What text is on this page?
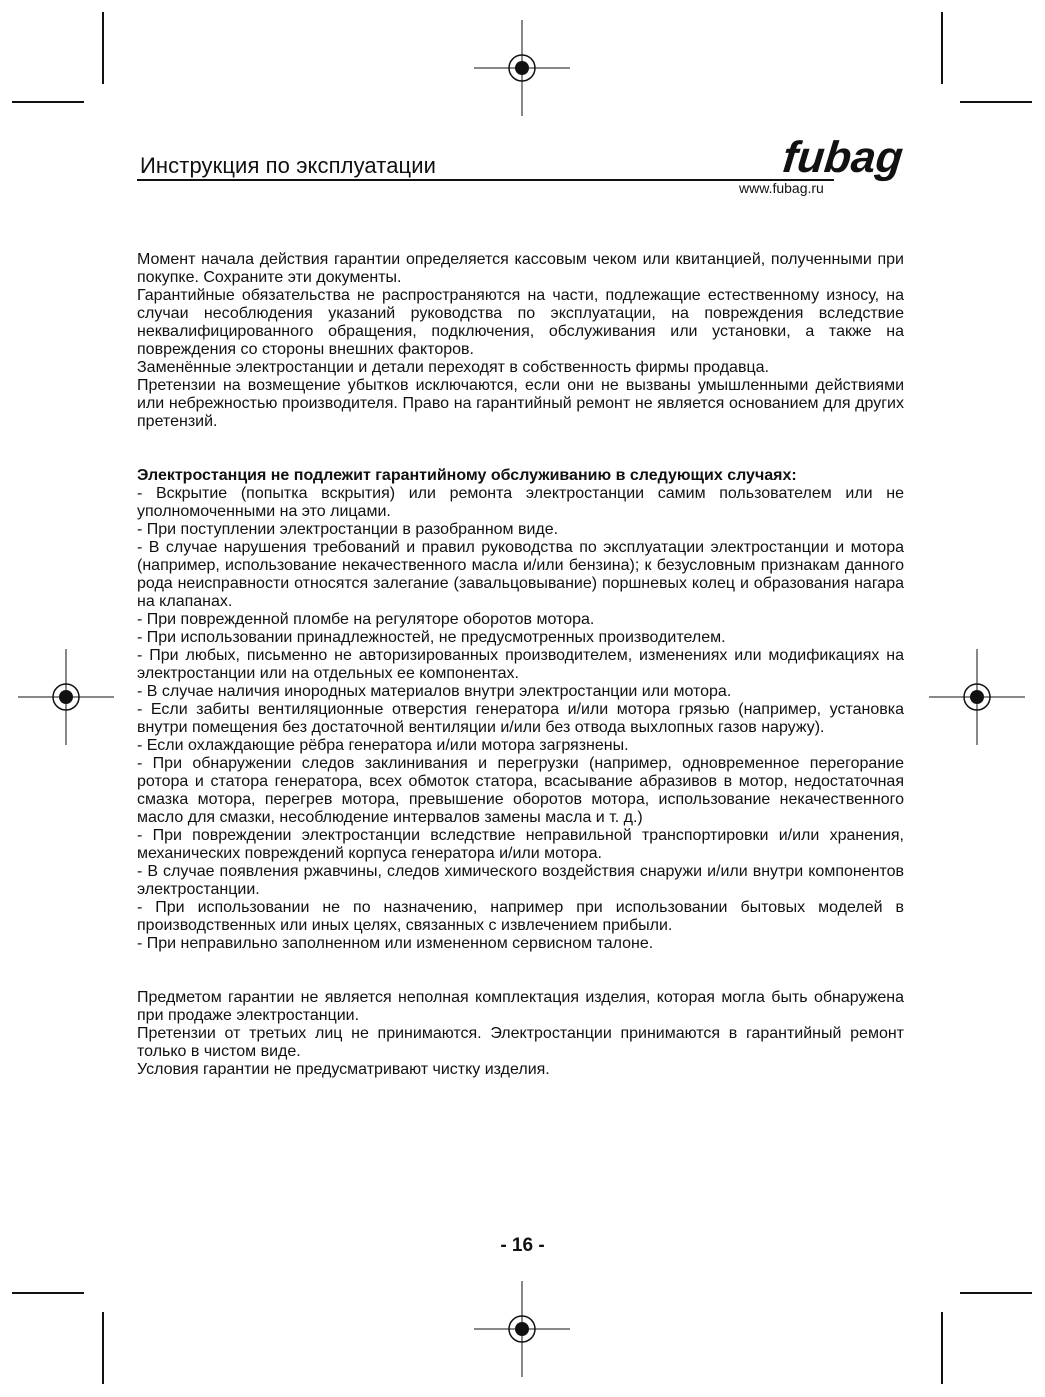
Инструкция по эксплуатации	fubag
www.fubag.ru

Момент начала действия гарантии определяется кассовым чеком или квитанцией, полученными при покупке. Сохраните эти документы.

Гарантийные обязательства не распространяются на части, подлежащие естественному износу, на случаи несоблюдения указаний руководства по эксплуатации, на повреждения вследствие неквалифицированного обращения, подключения, обслуживания или установки, а также на повреждения со стороны внешних факторов.

Заменённые электростанции и детали переходят в собственность фирмы продавца.

Претензии на возмещение убытков исключаются, если они не вызваны умышленными действиями или небрежностью производителя. Право на гарантийный ремонт не является основанием для других претензий.

Электростанция не подлежит гарантийному обслуживанию в следующих случаях:

- Вскрытие (попытка вскрытия) или ремонта электростанции самим пользователем или не уполномоченными на это лицами.

- При поступлении электростанции в разобранном виде.

- В случае нарушения требований и правил руководства по эксплуатации электростанции и мотора (например, использование некачественного масла и/или бензина); к безусловным признакам данного рода неисправности относятся залегание (завальцовывание) поршневых колец и образования нагара на клапанах.

- При поврежденной пломбе на регуляторе оборотов мотора.

- При использовании принадлежностей, не предусмотренных производителем.

- При любых, письменно не авторизированных производителем, изменениях или модификациях на электростанции или на отдельных ее компонентах.

- В случае наличия инородных материалов внутри электростанции или мотора.

- Если забиты вентиляционные отверстия генератора и/или мотора грязью (например, установка внутри помещения без достаточной вентиляции и/или без отвода выхлопных газов наружу).

- Если охлаждающие рёбра генератора и/или мотора загрязнены.

- При обнаружении следов заклинивания и перегрузки (например, одновременное перегорание ротора и статора генератора, всех обмоток статора, всасывание абразивов в мотор, недостаточная смазка мотора, перегрев мотора, превышение оборотов мотора, использование некачественного масло для смазки, несоблюдение интервалов замены масла и т. д.)

- При повреждении электростанции вследствие неправильной транспортировки и/или хранения, механических повреждений корпуса генератора и/или мотора.

- В случае появления ржавчины, следов химического воздействия снаружи и/или внутри компонентов электростанции.

- При использовании не по назначению, например при использовании бытовых моделей в производственных или иных целях, связанных с извлечением прибыли.

- При неправильно заполненном или измененном сервисном талоне.

Предметом гарантии не является неполная комплектация изделия, которая могла быть обнаружена при продаже электростанции.

Претензии от третьих лиц не принимаются. Электростанции принимаются в гарантийный ремонт только в чистом виде.

Условия гарантии не предусматривают чистку изделия.

- 16 -
